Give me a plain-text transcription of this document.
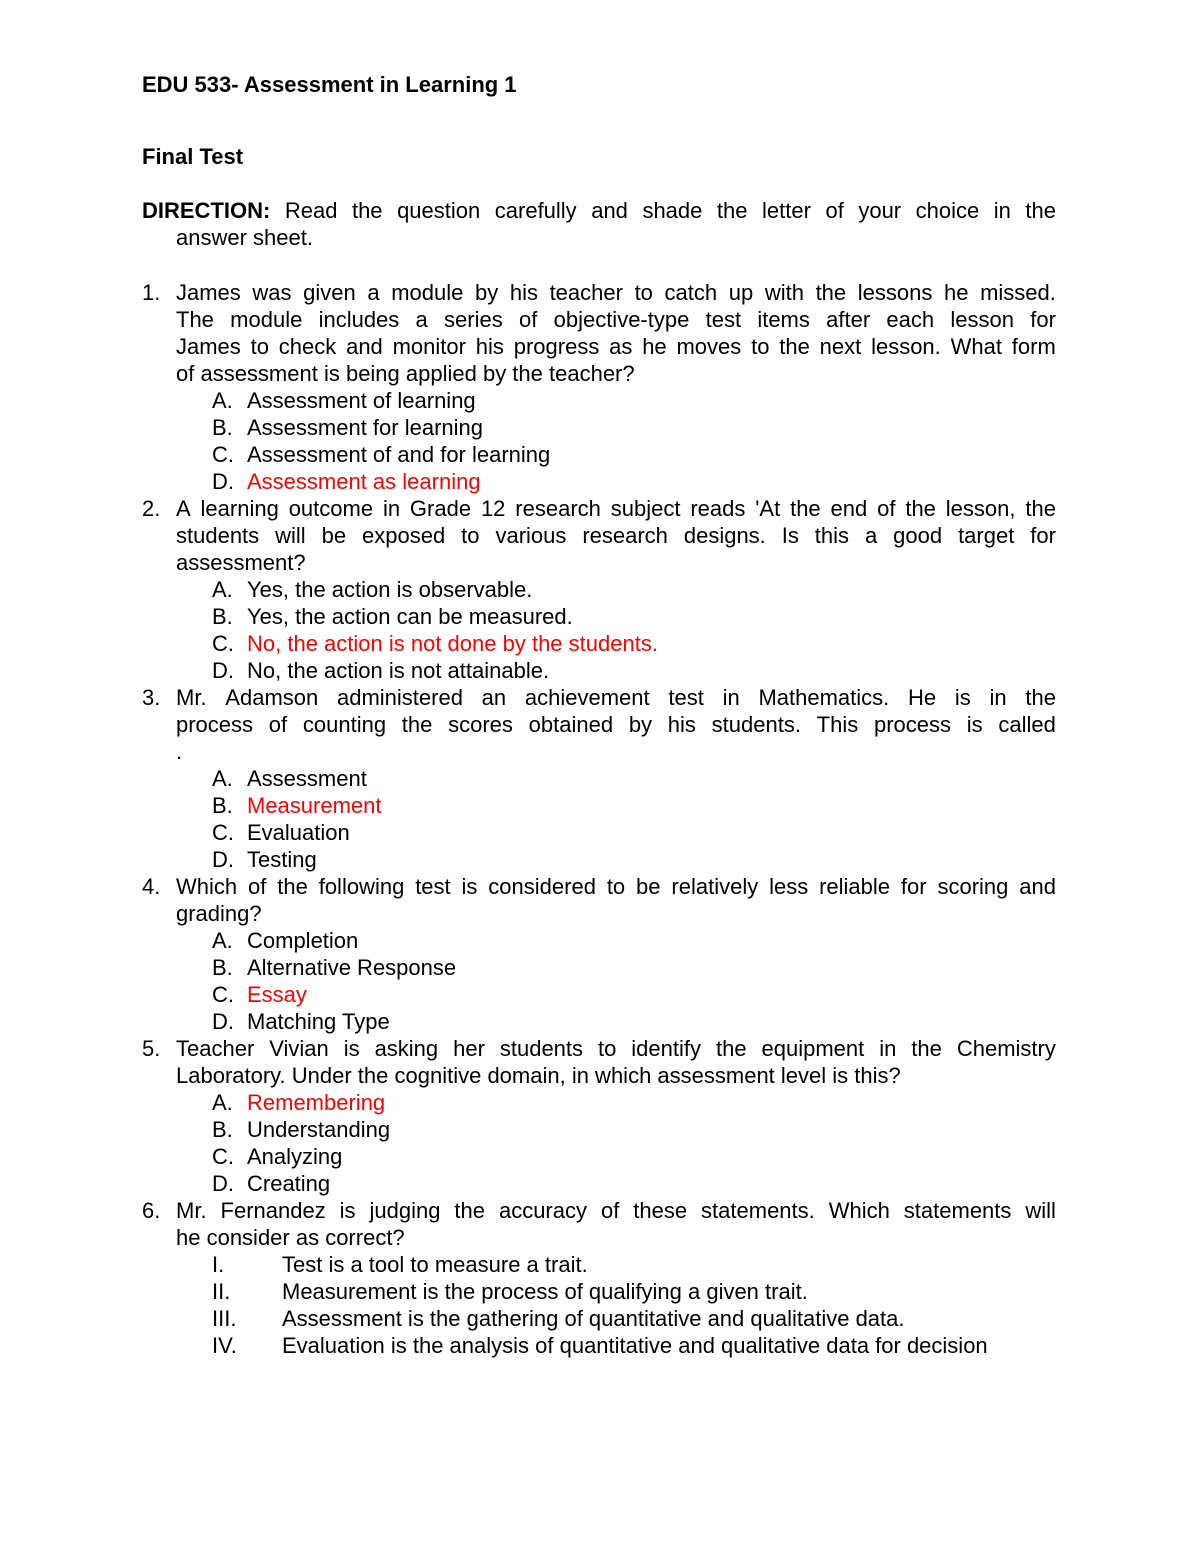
EDU 533- Assessment in Learning 1
Final Test
DIRECTION: Read the question carefully and shade the letter of your choice in the
answer sheet.
1. James was given a module by his teacher to catch up with the lessons he missed.
The module includes a series of objective-type test items after each lesson for
James to check and monitor his progress as he moves to the next lesson. What form
of assessment is being applied by the teacher?
A. Assessment of learning
B. Assessment for learning
C. Assessment of and for learning
D. Assessment as learning
2. A learning outcome in Grade 12 research subject reads 'At the end of the lesson, the
students will be exposed to various research designs. Is this a good target for
assessment?
A. Yes, the action is observable.
B. Yes, the action can be measured.
C. No, the action is not done by the students.
D. No, the action is not attainable.
3. Mr. Adamson administered an achievement test in Mathematics. He is in the
process of counting the scores obtained by his students. This process is called
.
A. Assessment
B. Measurement
C. Evaluation
D. Testing
4. Which of the following test is considered to be relatively less reliable for scoring and
grading?
A. Completion
B. Alternative Response
C. Essay
D. Matching Type
5. Teacher Vivian is asking her students to identify the equipment in the Chemistry
Laboratory. Under the cognitive domain, in which assessment level is this?
A. Remembering
B. Understanding
C. Analyzing
D. Creating
6. Mr. Fernandez is judging the accuracy of these statements. Which statements will
he consider as correct?
I.	Test is a tool to measure a trait.
II. Measurement is the process of qualifying a given trait.
III. Assessment is the gathering of quantitative and qualitative data.
IV. Evaluation is the analysis of quantitative and qualitative data for decision
